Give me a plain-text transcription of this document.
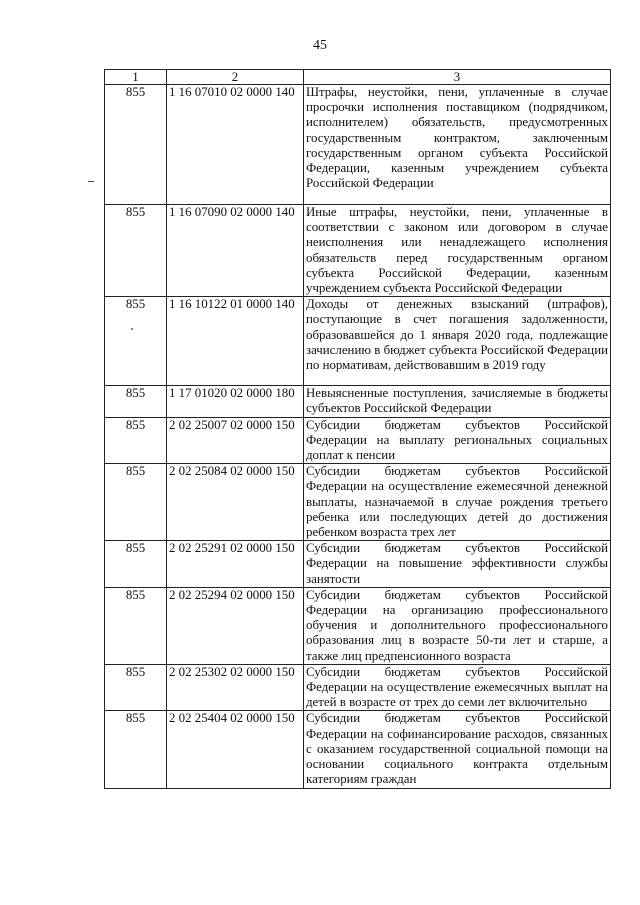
45
1	2	3
855	1 16 07010 02 0000 140	Штрафы, неустойки, пени, уплаченные в случае просрочки исполнения поставщиком (подрядчиком, исполнителем) обязательств, предусмотренных государственным контрактом, заключенным государственным органом субъекта Российской Федерации, казенным учреждением субъекта Российской Федерации
855	1 16 07090 02 0000 140	Иные штрафы, неустойки, пени, уплаченные в соответствии с законом или договором в случае неисполнения или ненадлежащего исполнения обязательств перед государственным органом субъекта Российской Федерации, казенным учреждением субъекта Российской Федерации
855	1 16 10122 01 0000 140	Доходы от денежных взысканий (штрафов), поступающие в счет погашения задолженности, образовавшейся до 1 января 2020 года, подлежащие зачислению в бюджет субъекта Российской Федерации по нормативам, действовавшим в 2019 году
855	1 17 01020 02 0000 180	Невыясненные поступления, зачисляемые в бюджеты субъектов Российской Федерации
855	2 02 25007 02 0000 150	Субсидии бюджетам субъектов Российской Федерации на выплату региональных социальных доплат к пенсии
855	2 02 25084 02 0000 150	Субсидии бюджетам субъектов Российской Федерации на осуществление ежемесячной денежной выплаты, назначаемой в случае рождения третьего ребенка или последующих детей до достижения ребенком возраста трех лет
855	2 02 25291 02 0000 150	Субсидии бюджетам субъектов Российской Федерации на повышение эффективности службы занятости
855	2 02 25294 02 0000 150	Субсидии бюджетам субъектов Российской Федерации на организацию профессионального обучения и дополнительного профессионального образования лиц в возрасте 50-ти лет и старше, а также лиц предпенсионного возраста
855	2 02 25302 02 0000 150	Субсидии бюджетам субъектов Российской Федерации на осуществление ежемесячных выплат на детей в возрасте от трех до семи лет включительно
855	2 02 25404 02 0000 150	Субсидии бюджетам субъектов Российской Федерации на софинансирование расходов, связанных с оказанием государственной социальной помощи на основании социального контракта отдельным категориям граждан
